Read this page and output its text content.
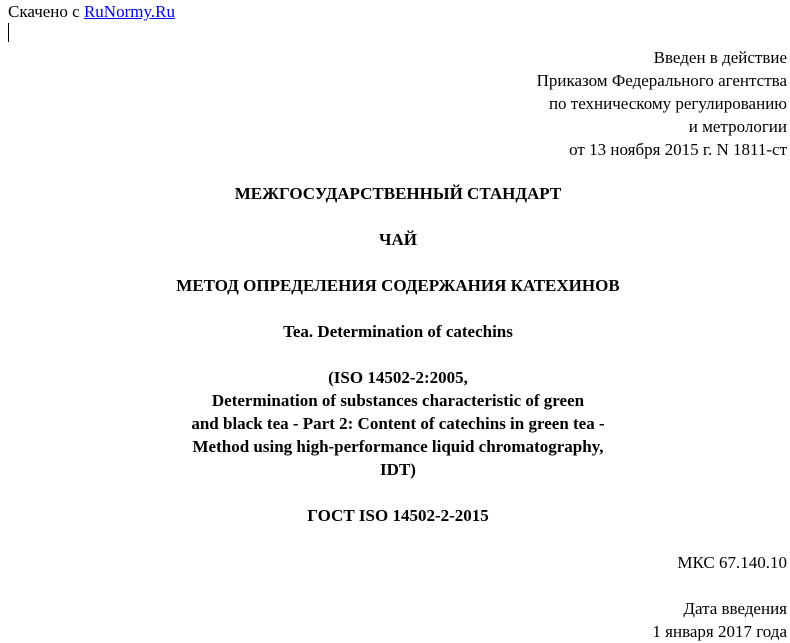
Скачено с RuNormy.Ru
Введен в действие
Приказом Федерального агентства
по техническому регулированию
и метрологии
от 13 ноября 2015 г. N 1811-ст
МЕЖГОСУДАРСТВЕННЫЙ СТАНДАРТ
ЧАЙ
МЕТОД ОПРЕДЕЛЕНИЯ СОДЕРЖАНИЯ КАТЕХИНОВ
Tea. Determination of catechins
(ISO 14502-2:2005,
Determination of substances characteristic of green
and black tea - Part 2: Content of catechins in green tea -
Method using high-performance liquid chromatography,
IDT)
ГОСТ ISO 14502-2-2015
МКС 67.140.10
Дата введения
1 января 2017 года
